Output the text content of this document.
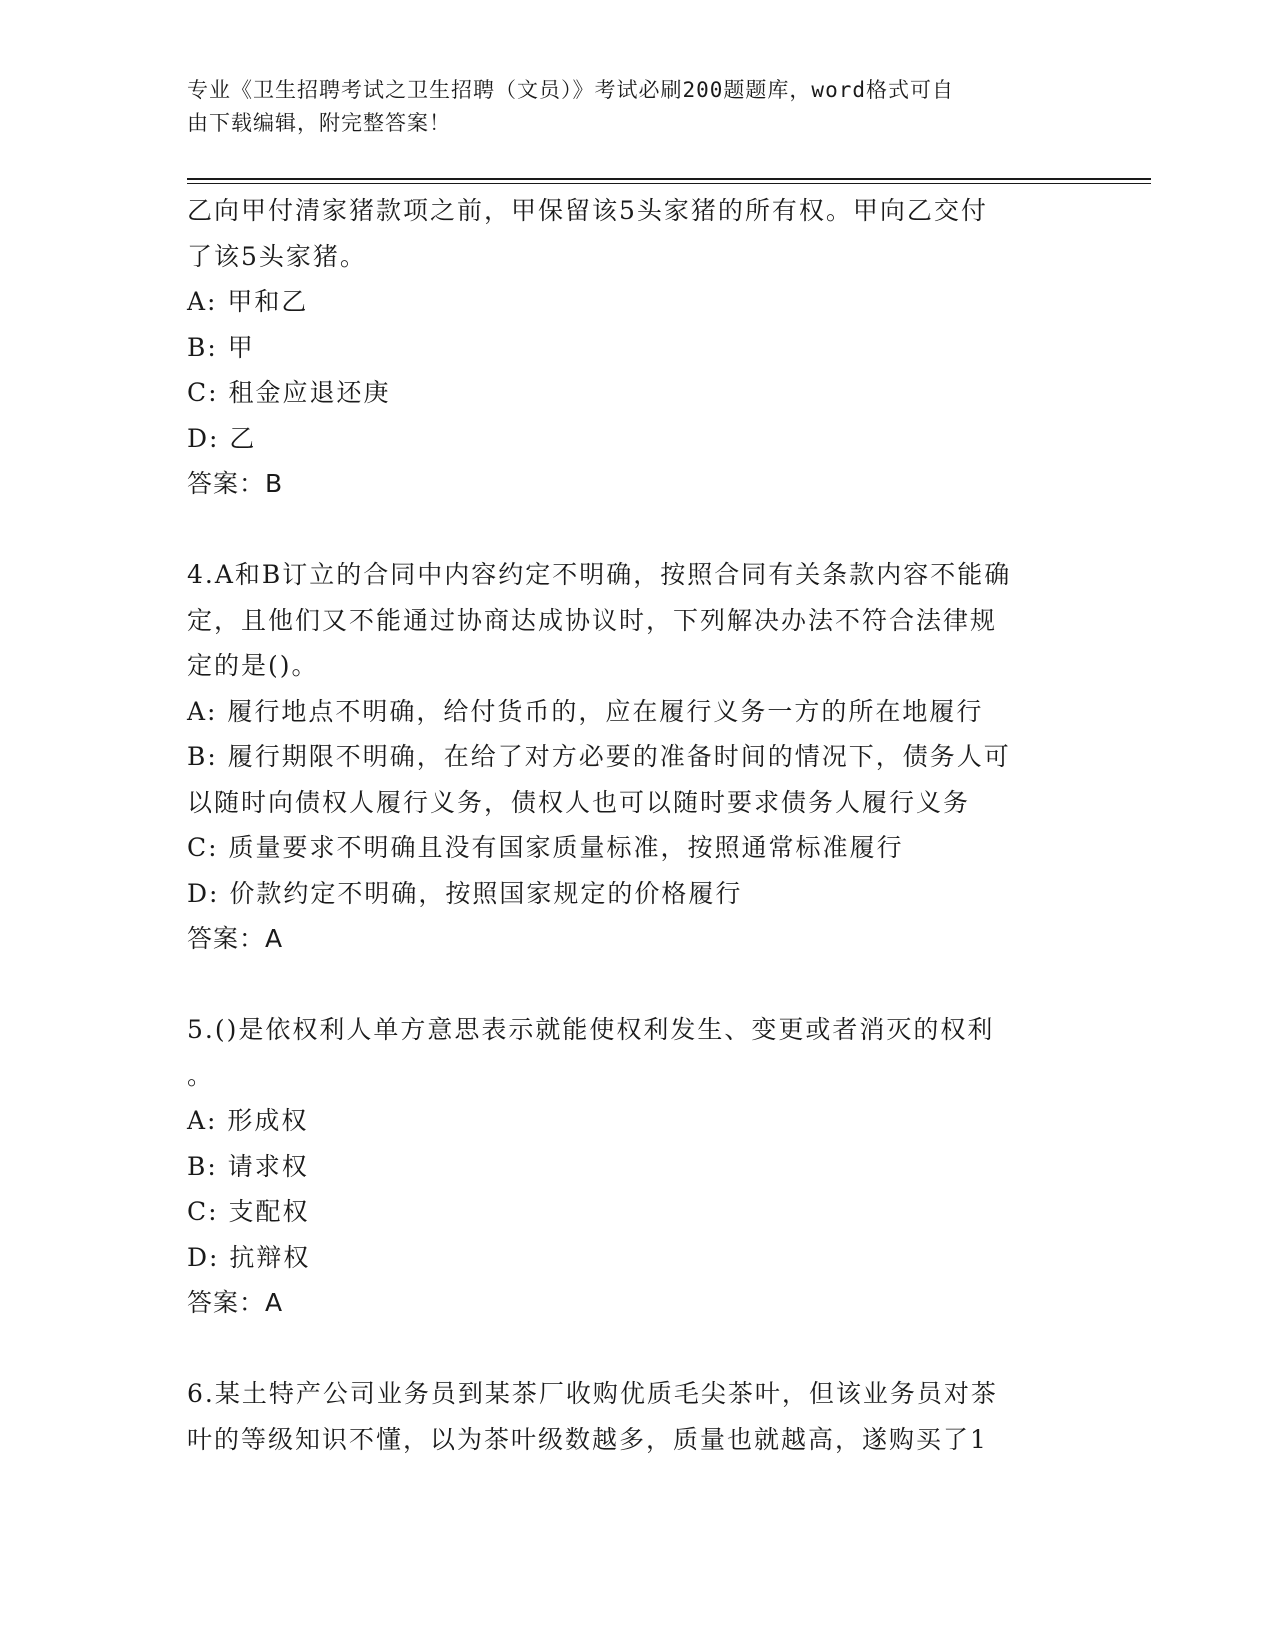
专业《卫生招聘考试之卫生招聘（文员）》考试必刷200题题库，word格式可自
由下载编辑，附完整答案！
乙向甲付清家猪款项之前，甲保留该5头家猪的所有权。甲向乙交付
了该5头家猪。
A: 甲和乙
B: 甲
C: 租金应退还庚
D: 乙
答案：B
4.A和B订立的合同中内容约定不明确，按照合同有关条款内容不能确
定，且他们又不能通过协商达成协议时，下列解决办法不符合法律规
定的是()。
A: 履行地点不明确，给付货币的，应在履行义务一方的所在地履行
B: 履行期限不明确，在给了对方必要的准备时间的情况下，债务人可
以随时向债权人履行义务，债权人也可以随时要求债务人履行义务
C: 质量要求不明确且没有国家质量标准，按照通常标准履行
D: 价款约定不明确，按照国家规定的价格履行
答案：A
5.()是依权利人单方意思表示就能使权利发生、变更或者消灭的权利
。
A: 形成权
B: 请求权
C: 支配权
D: 抗辩权
答案：A
6.某土特产公司业务员到某茶厂收购优质毛尖茶叶，但该业务员对茶
叶的等级知识不懂，以为茶叶级数越多，质量也就越高，遂购买了1
